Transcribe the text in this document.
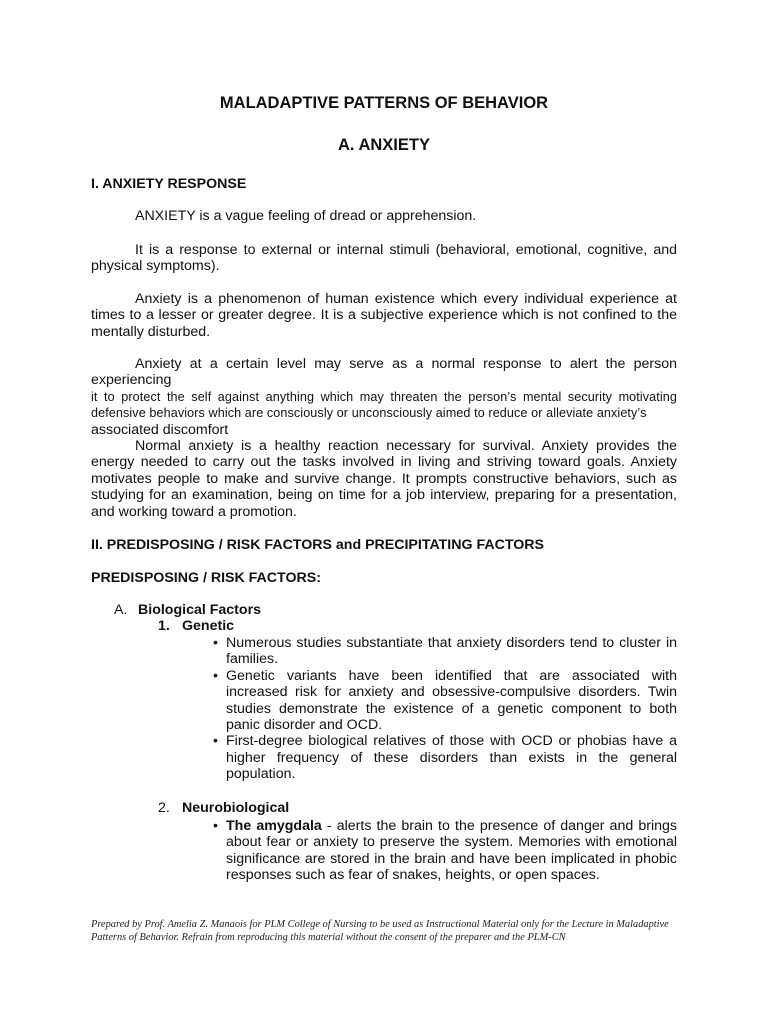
MALADAPTIVE PATTERNS OF BEHAVIOR
A. ANXIETY
I. ANXIETY RESPONSE
ANXIETY is a vague feeling of dread or apprehension.
It is a response to external or internal stimuli (behavioral, emotional, cognitive, and physical symptoms).
Anxiety is a phenomenon of human existence which every individual experience at times to a lesser or greater degree. It is a subjective experience which is not confined to the mentally disturbed.
Anxiety at a certain level may serve as a normal response to alert the person experiencing
it to protect the self against anything which may threaten the person’s mental security motivating defensive behaviors which are consciously or unconsciously aimed to reduce or alleviate anxiety’s
associated discomfort
Normal anxiety is a healthy reaction necessary for survival. Anxiety provides the energy needed to carry out the tasks involved in living and striving toward goals. Anxiety motivates people to make and survive change. It prompts constructive behaviors, such as studying for an examination, being on time for a job interview, preparing for a presentation, and working toward a promotion.
II. PREDISPOSING / RISK FACTORS and PRECIPITATING FACTORS
PREDISPOSING / RISK FACTORS:
A. Biological Factors
1. Genetic
• Numerous studies substantiate that anxiety disorders tend to cluster in families.
• Genetic variants have been identified that are associated with increased risk for anxiety and obsessive-compulsive disorders. Twin studies demonstrate the existence of a genetic component to both panic disorder and OCD.
• First-degree biological relatives of those with OCD or phobias have a higher frequency of these disorders than exists in the general population.
2. Neurobiological
• The amygdala - alerts the brain to the presence of danger and brings about fear or anxiety to preserve the system. Memories with emotional significance are stored in the brain and have been implicated in phobic responses such as fear of snakes, heights, or open spaces.
Prepared by Prof. Amelia Z. Manaois for PLM College of Nursing to be used as Instructional Material only for the Lecture in Maladaptive Patterns of Behavior. Refrain from reproducing this material without the consent of the preparer and the PLM-CN
